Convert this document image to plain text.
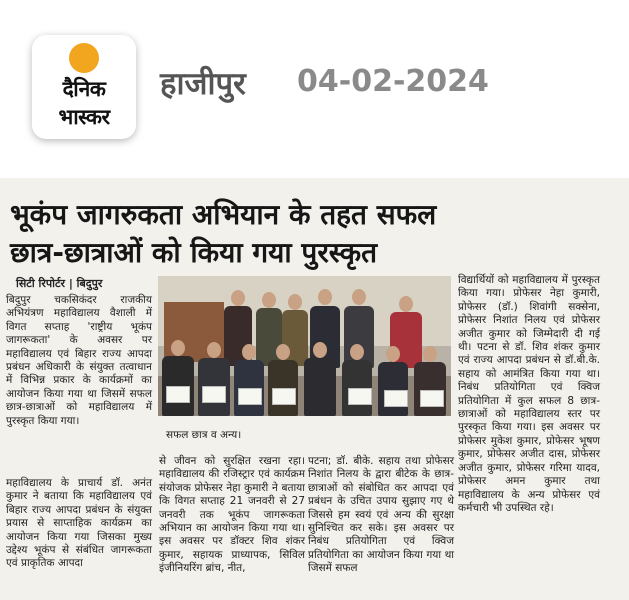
दैनिक
भास्कर
हाजीपुर 04-02-2024
भूकंप जागरुकता अभियान के तहत सफल
छात्र-छात्राओं को किया गया पुरस्कृत
सिटी रिपोर्टर | बिदुपुर
बिदुपुर चकसिकंदर राजकीय अभियंत्रण महाविद्यालय वैशाली में विगत सप्ताह 'राष्ट्रीय भूकंप जागरूकता' के अवसर पर महाविद्यालय एवं बिहार राज्य आपदा प्रबंधन अधिकारी के संयुक्त तत्वाधान में विभिन्न प्रकार के कार्यक्रमों का आयोजन किया गया था जिसमें सफल छात्र-छात्राओं को महाविद्यालय में पुरस्कृत किया गया।
महाविद्यालय के प्राचार्य डॉ. अनंत कुमार ने बताया कि महाविद्यालय एवं बिहार राज्य आपदा प्रबंधन के संयुक्त प्रयास से साप्ताहिक कार्यक्रम का आयोजन किया गया जिसका मुख्य उद्देश्य भूकंप से संबंधित जागरूकता एवं प्राकृतिक आपदा
सफल छात्र व अन्य।
से जीवन को सुरक्षित रखना रहा। महाविद्यालय की रजिस्ट्रार एवं कार्यक्रम संयोजक प्रोफेसर नेहा कुमारी ने बताया कि विगत सप्ताह 21 जनवरी से 27 जनवरी तक भूकंप जागरूकता अभियान का आयोजन किया गया था। इस अवसर पर डॉक्टर शिव शंकर कुमार, सहायक प्राध्यापक, सिविल इंजीनियरिंग ब्रांच, नीत,
पटना; डॉ. बीके. सहाय तथा प्रोफेसर निशांत निलय के द्वारा बीटेक के छात्र-छात्राओं को संबोधित कर आपदा एवं प्रबंधन के उचित उपाय सुझाए गए थे जिससे हम स्वयं एवं अन्य की सुरक्षा सुनिश्चित कर सके। इस अवसर पर निबंध प्रतियोगिता एवं क्विज प्रतियोगिता का आयोजन किया गया था जिसमें सफल
विद्यार्थियों को महाविद्यालय में पुरस्कृत किया गया। प्रोफेसर नेहा कुमारी, प्रोफेसर (डॉ.) शिवांगी सक्सेना, प्रोफेसर निशांत निलय एवं प्रोफेसर अजीत कुमार को जिम्मेदारी दी गई थी। पटना से डॉ. शिव शंकर कुमार एवं राज्य आपदा प्रबंधन से डॉ.बी.के. सहाय को आमंत्रित किया गया था। निबंध प्रतियोगिता एवं क्विज प्रतियोगिता में कुल सफल 8 छात्र-छात्राओं को महाविद्यालय स्तर पर पुरस्कृत किया गया। इस अवसर पर प्रोफेसर मुकेश कुमार, प्रोफेसर भूषण कुमार, प्रोफेसर अजीत दास, प्रोफेसर अजीत कुमार, प्रोफेसर गरिमा यादव, प्रोफेसर अमन कुमार तथा महाविद्यालय के अन्य प्रोफेसर एवं कर्मचारी भी उपस्थित रहे।
